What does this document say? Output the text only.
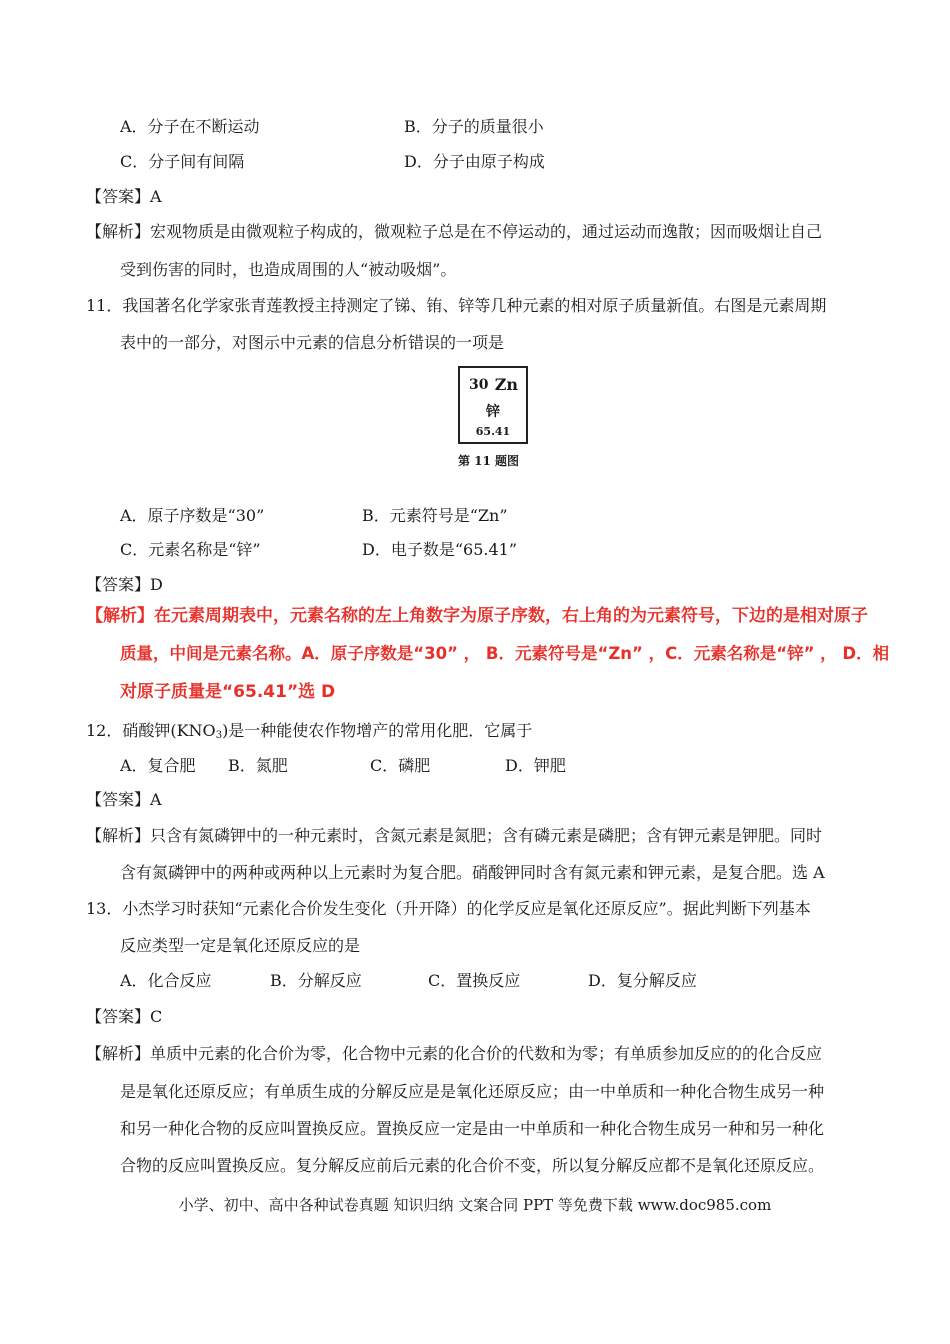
A．分子在不断运动	B．分子的质量很小
C．分子间有间隔	D．分子由原子构成
【答案】A
【解析】宏观物质是由微观粒子构成的，微观粒子总是在不停运动的，通过运动而逸散；因而吸烟让自己
受到伤害的同时，也造成周围的人“被动吸烟”。
11．我国著名化学家张青莲教授主持测定了锑、铕、锌等几种元素的相对原子质量新值。右图是元素周期
表中的一部分，对图示中元素的信息分析错误的一项是
30 Zn
锌
65.41
第 11 题图
A．原子序数是“30”	B．元素符号是“Zn”
C．元素名称是“锌”	D．电子数是“65.41”
【答案】D
【解析】在元素周期表中，元素名称的左上角数字为原子序数，右上角的为元素符号，下边的是相对原子
质量，中间是元素名称。A．原子序数是“30” ， B．元素符号是“Zn” ，C．元素名称是“锌” ， D．相
对原子质量是“65.41”选 D
12．硝酸钾$(KNO_3)$是一种能使农作物增产的常用化肥．它属于
A．复合肥 B．氮肥	C．磷肥	D．钾肥
【答案】A
【解析】只含有氮磷钾中的一种元素时，含氮元素是氮肥；含有磷元素是磷肥；含有钾元素是钾肥。同时
含有氮磷钾中的两种或两种以上元素时为复合肥。硝酸钾同时含有氮元素和钾元素，是复合肥。选 A
13．小杰学习时获知“元素化合价发生变化（升开降）的化学反应是氧化还原反应”。据此判断下列基本
反应类型一定是氧化还原反应的是
A．化合反应	B．分解反应	C．置换反应	D．复分解反应
【答案】C
【解析】单质中元素的化合价为零，化合物中元素的化合价的代数和为零；有单质参加反应的的化合反应
是是氧化还原反应；有单质生成的分解反应是是氧化还原反应；由一中单质和一种化合物生成另一种
和另一种化合物的反应叫置换反应。置换反应一定是由一中单质和一种化合物生成另一种和另一种化
合物的反应叫置换反应。复分解反应前后元素的化合价不变，所以复分解反应都不是氧化还原反应。
小学、初中、高中各种试卷真题 知识归纳 文案合同 PPT 等免费下载 www.doc985.com
